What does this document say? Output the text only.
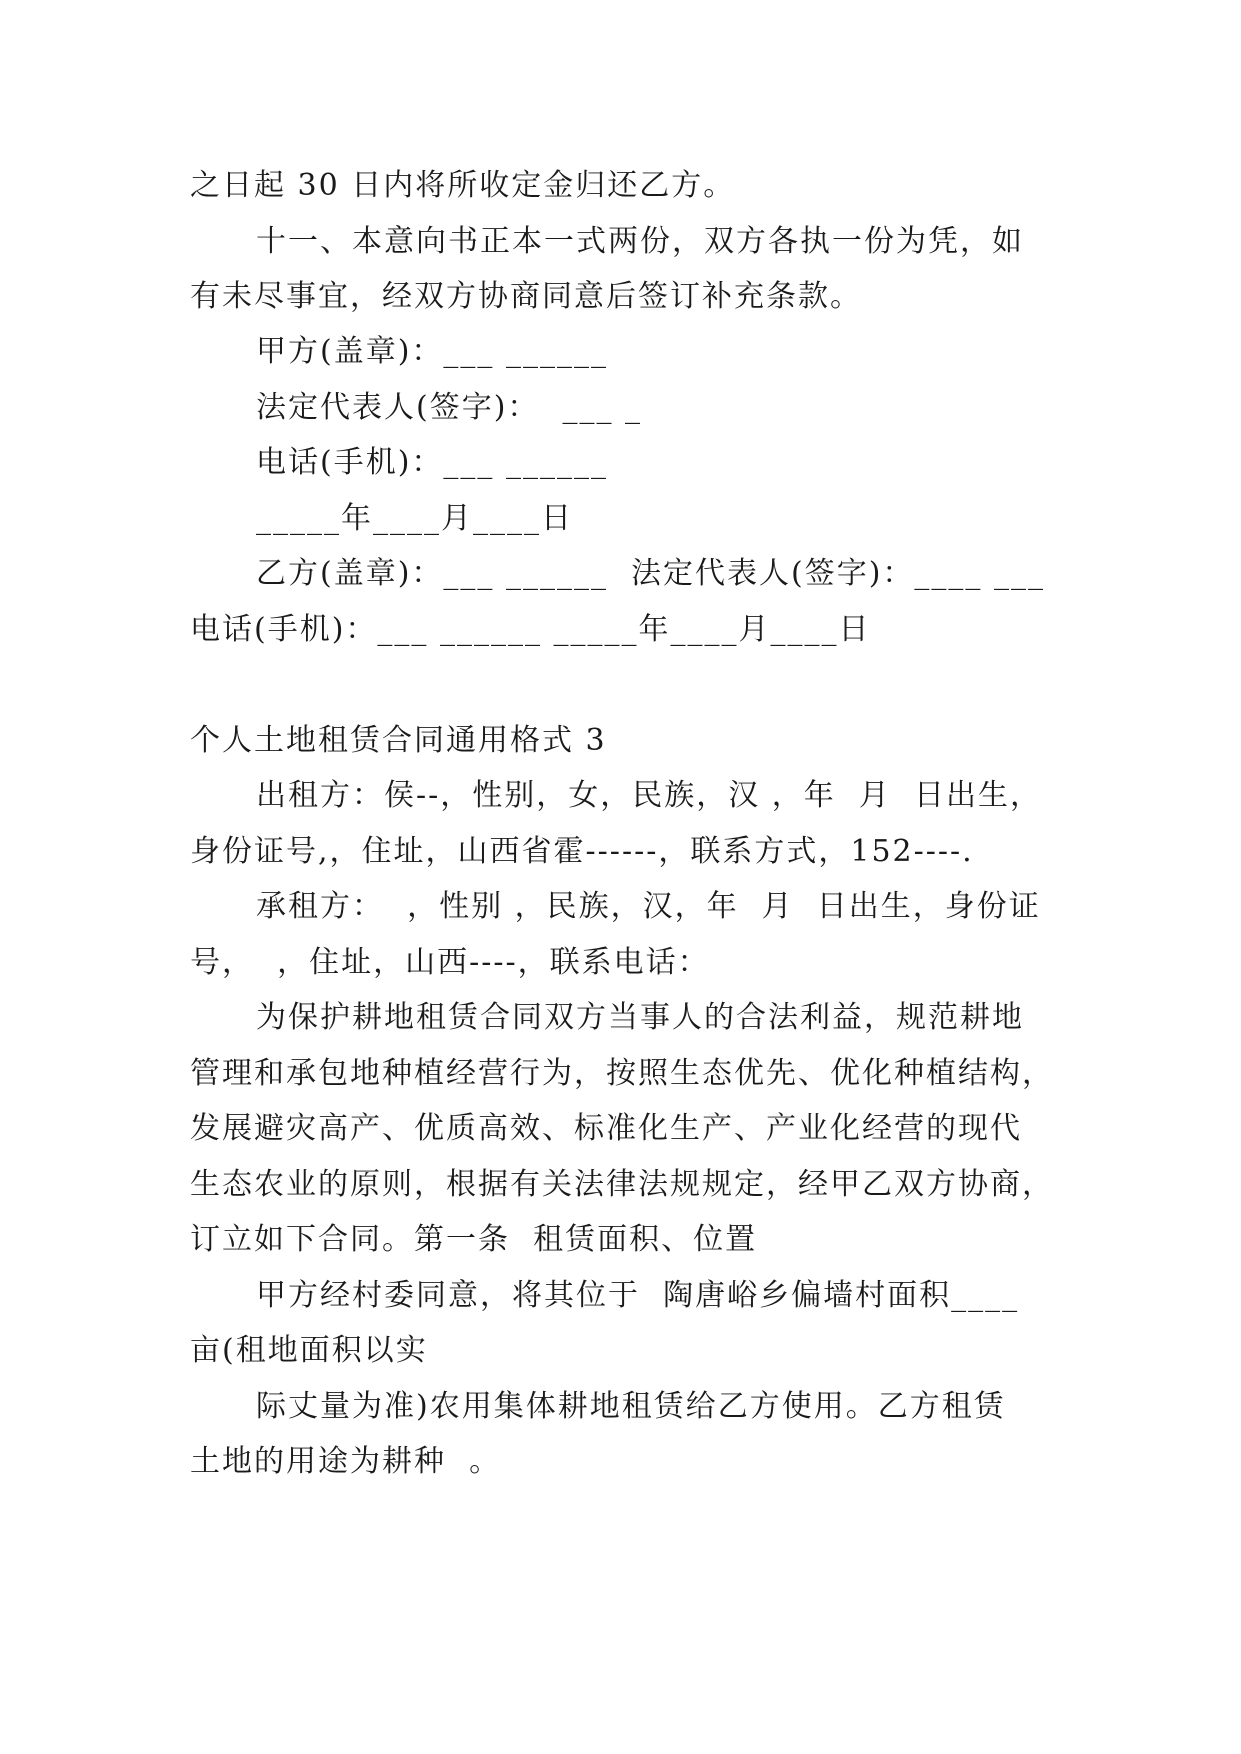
之日起 30 日内将所收定金归还乙方。
十一、本意向书正本一式两份，双方各执一份为凭，如
有未尽事宜，经双方协商同意后签订补充条款。
甲方(盖章)：___ ______
法定代表人(签字)：  ___ _
电话(手机)：___ ______
_____年____月____日
乙方(盖章)：___ ______  法定代表人(签字)：____ ___
电话(手机)：___ ______ _____年____月____日
个人土地租赁合同通用格式 3
出租方：侯--，性别，女，民族，汉 ，年  月  日出生，
身份证号,，住址，山西省霍------，联系方式，152----.
承租方：  ，性别 ，民族，汉，年  月  日出生，身份证
号，  ，住址，山西----，联系电话：
为保护耕地租赁合同双方当事人的合法利益，规范耕地
管理和承包地种植经营行为，按照生态优先、优化种植结构，
发展避灾高产、优质高效、标准化生产、产业化经营的现代
生态农业的原则，根据有关法律法规规定，经甲乙双方协商，
订立如下合同。第一条  租赁面积、位置
甲方经村委同意，将其位于  陶唐峪乡偏墙村面积____
亩(租地面积以实
际丈量为准)农用集体耕地租赁给乙方使用。乙方租赁
土地的用途为耕种  。
